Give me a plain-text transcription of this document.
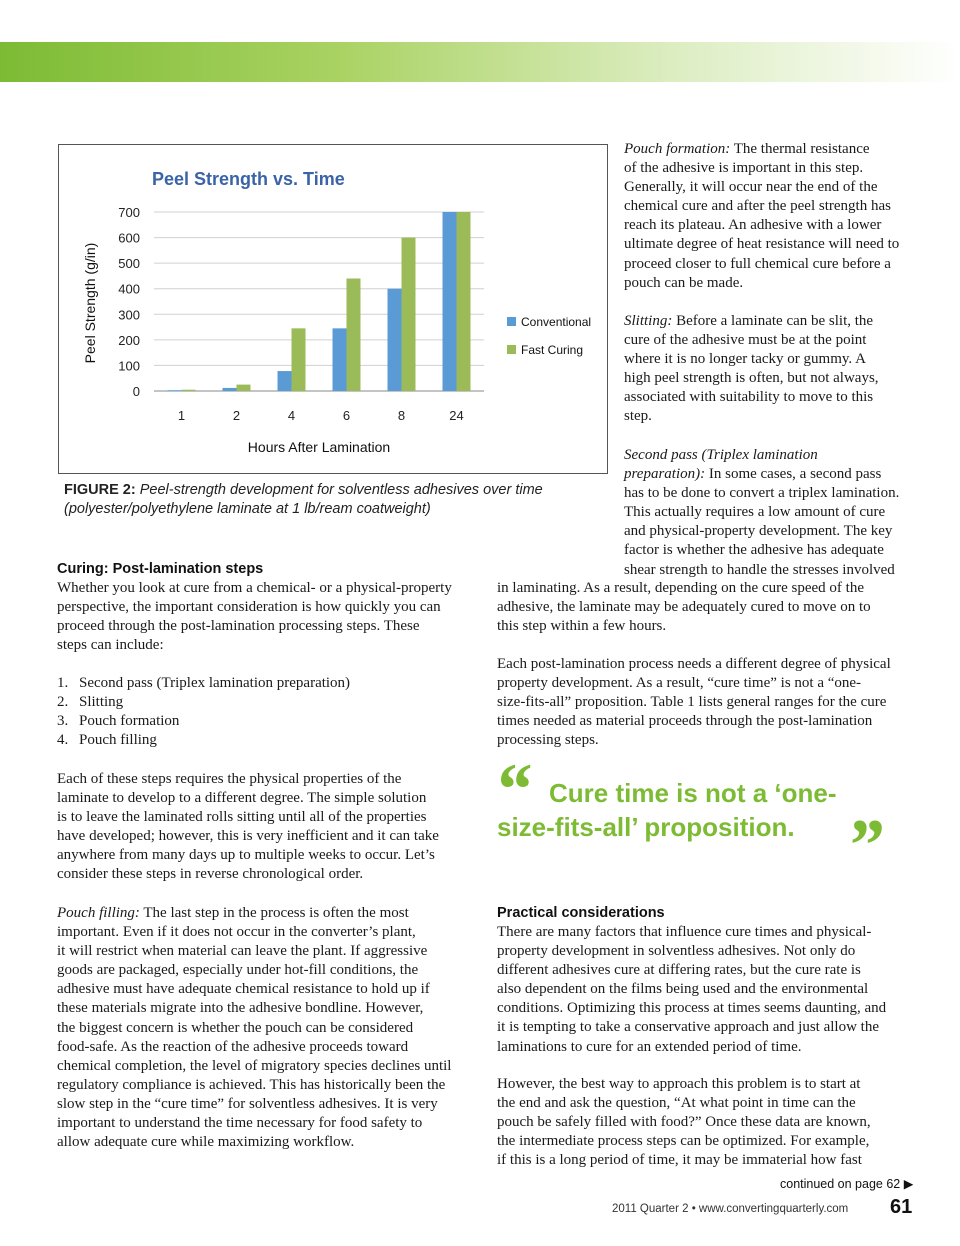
Peel Strength vs. Time
0
100
200
300
400
500
600
700
1	2	4	6	8	24
Hours After Lamination
Peel Strength (g/in)	Conventional
Fast Curing
FIGURE 2: Peel-strength development for solventless adhesives over time
(polyester/polyethylene laminate at 1 lb/ream coatweight)
Pouch formation: The thermal resistance
of the adhesive is important in this step.
Generally, it will occur near the end of the
chemical cure and after the peel strength has
reach its plateau. An adhesive with a lower
ultimate degree of heat resistance will need to
proceed closer to full chemical cure before a
pouch can be made.
Slitting: Before a laminate can be slit, the
cure of the adhesive must be at the point
where it is no longer tacky or gummy. A
high peel strength is often, but not always,
associated with suitability to move to this
step.
Second pass (Triplex lamination
preparation): In some cases, a second pass
has to be done to convert a triplex lamination.
This actually requires a low amount of cure
and physical-property development. The key
factor is whether the adhesive has adequate
shear strength to handle the stresses involved
in laminating. As a result, depending on the cure speed of the
adhesive, the laminate may be adequately cured to move on to
this step within a few hours.
Each post-lamination process needs a different degree of physical
property development. As a result, “cure time” is not a “one-
size-fits-all” proposition. Table 1 lists general ranges for the cure
times needed as material proceeds through the post-lamination
processing steps.
“ Cure time is not a ‘one-
size-fits-all’ proposition. ”
Curing: Post-lamination steps
Whether you look at cure from a chemical- or a physical-property
perspective, the important consideration is how quickly you can
proceed through the post-lamination processing steps. These
steps can include:
1. Second pass (Triplex lamination preparation)
2. Slitting
3. Pouch formation
4. Pouch filling
Each of these steps requires the physical properties of the
laminate to develop to a different degree. The simple solution
is to leave the laminated rolls sitting until all of the properties
have developed; however, this is very inefficient and it can take
anywhere from many days up to multiple weeks to occur. Let’s
consider these steps in reverse chronological order.
Pouch filling: The last step in the process is often the most
important. Even if it does not occur in the converter’s plant,
it will restrict when material can leave the plant. If aggressive
goods are packaged, especially under hot-fill conditions, the
adhesive must have adequate chemical resistance to hold up if
these materials migrate into the adhesive bondline. However,
the biggest concern is whether the pouch can be considered
food-safe. As the reaction of the adhesive proceeds toward
chemical completion, the level of migratory species declines until
regulatory compliance is achieved. This has historically been the
slow step in the “cure time” for solventless adhesives. It is very
important to understand the time necessary for food safety to
allow adequate cure while maximizing workflow.
Practical considerations
There are many factors that influence cure times and physical-
property development in solventless adhesives. Not only do
different adhesives cure at differing rates, but the cure rate is
also dependent on the films being used and the environmental
conditions. Optimizing this process at times seems daunting, and
it is tempting to take a conservative approach and just allow the
laminations to cure for an extended period of time.
However, the best way to approach this problem is to start at
the end and ask the question, “At what point in time can the
pouch be safely filled with food?” Once these data are known,
the intermediate process steps can be optimized. For example,
if this is a long period of time, it may be immaterial how fast
continued on page 62 ▶
2011 Quarter 2 • www.convertingquarterly.com 61
